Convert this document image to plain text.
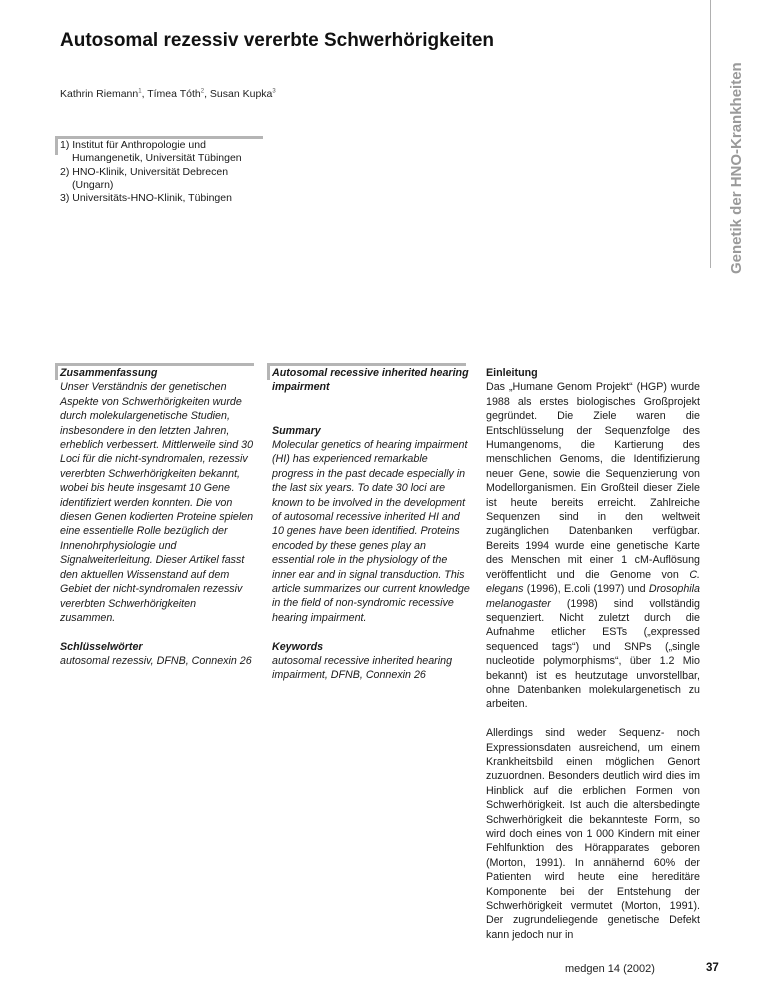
Autosomal rezessiv vererbte Schwerhörigkeiten
Genetik der HNO-Krankheiten
Kathrin Riemann$^1$, Tímea Tóth$^2$, Susan Kupka$^3$
1) Institut für Anthropologie und Humangenetik, Universität Tübingen
2) HNO-Klinik, Universität Debrecen (Ungarn)
3) Universitäts-HNO-Klinik, Tübingen
Zusammenfassung

Unser Verständnis der genetischen Aspekte von Schwerhörigkeiten wurde durch molekulargenetische Studien, insbesondere in den letzten Jahren, erheblich verbessert. Mittlerweile sind 30 Loci für die nicht-syndromalen, rezessiv vererbten Schwerhörigkeiten bekannt, wobei bis heute insgesamt 10 Gene identifiziert werden konnten. Die von diesen Genen kodierten Proteine spielen eine essentielle Rolle bezüglich der Innenohrphysiologie und Signalweiterleitung. Dieser Artikel fasst den aktuellen Wissenstand auf dem Gebiet der nicht-syndromalen rezessiv vererbten Schwerhörigkeiten zusammen.

Schlüsselwörter

autosomal rezessiv, DFNB, Connexin 26

Autosomal recessive inherited hearing impairment
Summary

Molecular genetics of hearing impairment (HI) has experienced remarkable progress in the past decade especially in the last six years. To date 30 loci are known to be involved in the development of autosomal recessive inherited HI and 10 genes have been identified. Proteins encoded by these genes play an essential role in the physiology of the inner ear and in signal transduction. This article summarizes our current knowledge in the field of non-syndromic recessive hearing impairment.

Keywords

autosomal recessive inherited hearing impairment, DFNB, Connexin 26

Einleitung

Das „Humane Genom Projekt“ (HGP) wurde 1988 als erstes biologisches Großprojekt gegründet. Die Ziele waren die Entschlüsselung der Sequenzfolge des Humangenoms, die Kartierung des menschlichen Genoms, die Identifizierung neuer Gene, sowie die Sequenzierung von Modellorganismen. Ein Großteil dieser Ziele ist heute bereits erreicht. Zahlreiche Sequenzen sind in den weltweit zugänglichen Datenbanken verfügbar. Bereits 1994 wurde eine genetische Karte des Menschen mit einer 1 cM-Auflösung veröffentlicht und die Genome von C. elegans (1996), E.coli (1997) und Drosophila melanogaster (1998) sind vollständig sequenziert. Nicht zuletzt durch die Aufnahme etlicher ESTs („expressed sequenced tags“) und SNPs („single nucleotide polymorphisms“, über 1.2 Mio bekannt) ist es heutzutage unvorstellbar, ohne Datenbanken molekulargenetisch zu arbeiten.

Allerdings sind weder Sequenz- noch Expressionsdaten ausreichend, um einem Krankheitsbild einen möglichen Genort zuzuordnen. Besonders deutlich wird dies im Hinblick auf die erblichen Formen von Schwerhörigkeit. Ist auch die altersbedingte Schwerhörigkeit die bekannteste Form, so wird doch eines von 1 000 Kindern mit einer Fehlfunktion des Hörapparates geboren (Morton, 1991). In annähernd 60% der Patienten wird heute eine hereditäre Komponente bei der Entstehung der Schwerhörigkeit vermutet (Morton, 1991). Der zugrundeliegende genetische Defekt kann jedoch nur in

medgen 14 (2002)	37
